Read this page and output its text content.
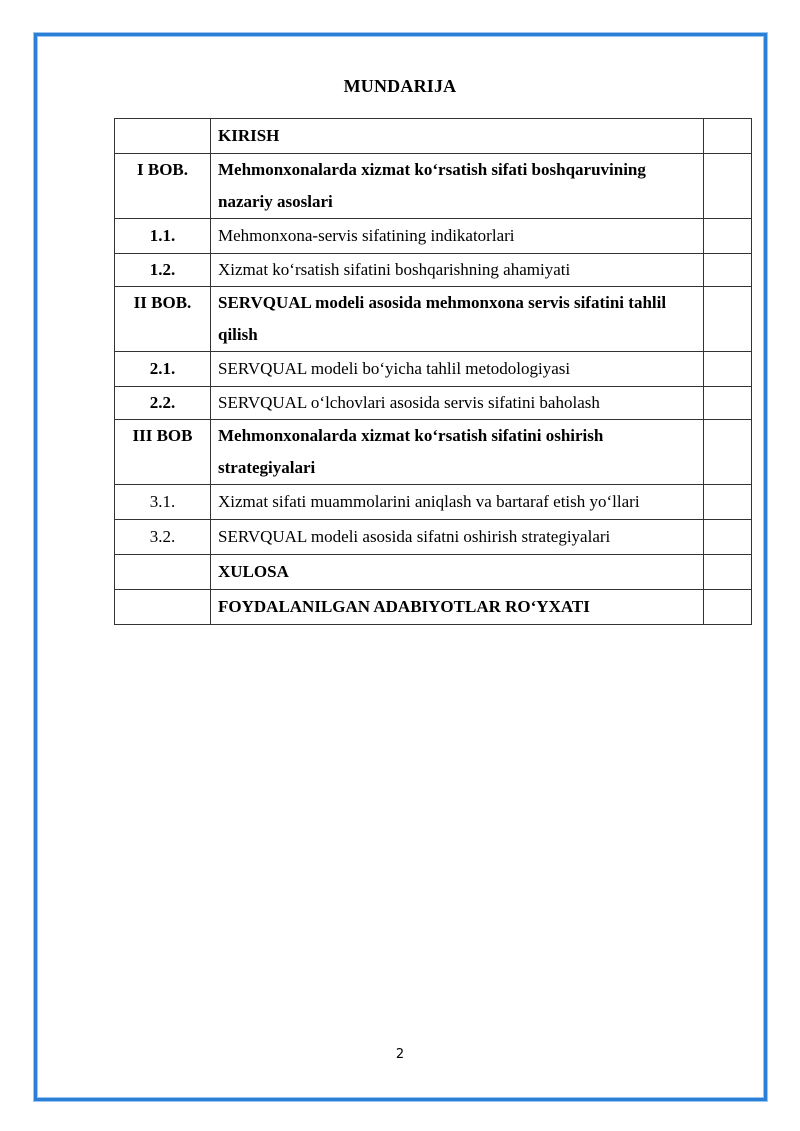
MUNDARIJA
	KIRISH	
I BOB.	Mehmonxonalarda xizmat ko‘rsatish sifati boshqaruvining nazariy asoslari	
1.1.	Mehmonxona-servis sifatining indikatorlari	
1.2.	Xizmat ko‘rsatish sifatini boshqarishning ahamiyati	
II BOB.	SERVQUAL modeli asosida mehmonxona servis sifatini tahlil qilish	
2.1.	SERVQUAL modeli bo‘yicha tahlil metodologiyasi	
2.2.	SERVQUAL o‘lchovlari asosida servis sifatini baholash	
III BOB	Mehmonxonalarda xizmat ko‘rsatish sifatini oshirish strategiyalari	
3.1.	Xizmat sifati muammolarini aniqlash va bartaraf etish yo‘llari	
3.2.	SERVQUAL modeli asosida sifatni oshirish strategiyalari	
	XULOSA	
	FOYDALANILGAN ADABIYOTLAR RO‘YXATI	
2
